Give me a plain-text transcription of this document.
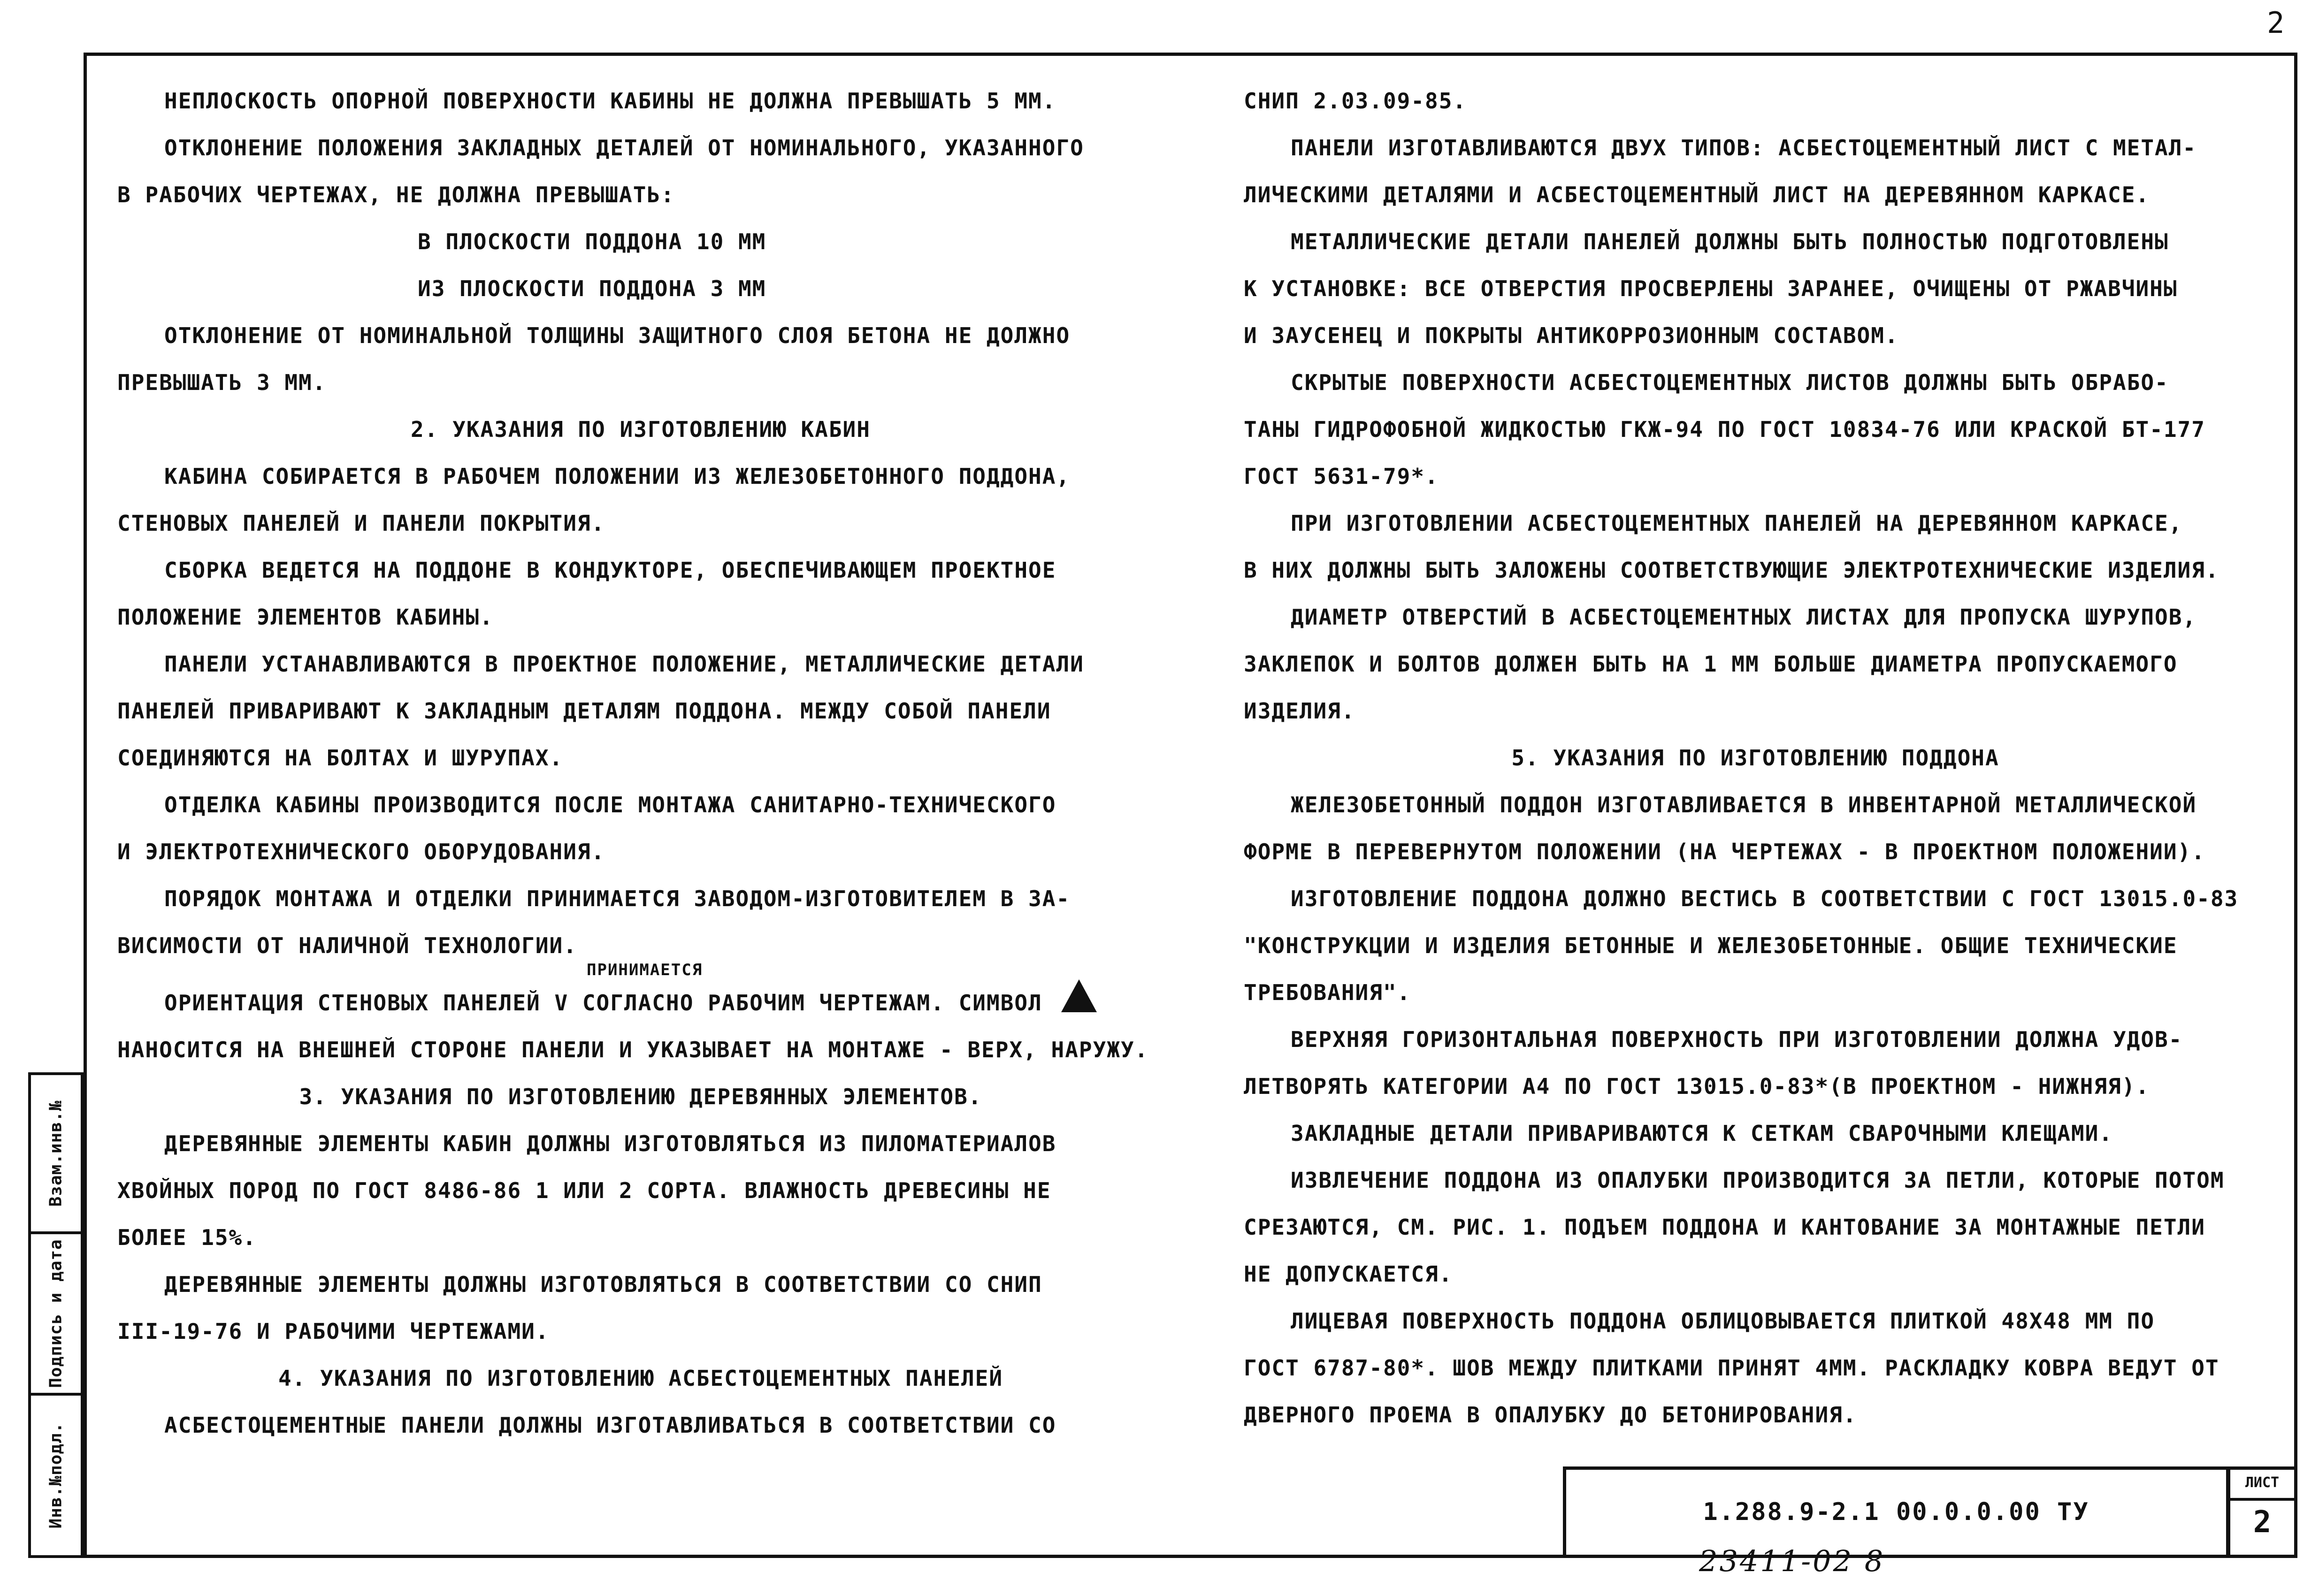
2
НЕПЛОСКОСТЬ ОПОРНОЙ ПОВЕРХНОСТИ КАБИНЫ НЕ ДОЛЖНА ПРЕВЫШАТЬ 5 ММ.
ОТКЛОНЕНИЕ ПОЛОЖЕНИЯ ЗАКЛАДНЫХ ДЕТАЛЕЙ ОТ НОМИНАЛЬНОГО, УКАЗАННОГО
В РАБОЧИХ ЧЕРТЕЖАХ, НЕ ДОЛЖНА ПРЕВЫШАТЬ:
В ПЛОСКОСТИ ПОДДОНА 10 ММ
ИЗ ПЛОСКОСТИ ПОДДОНА 3 ММ
ОТКЛОНЕНИЕ ОТ НОМИНАЛЬНОЙ ТОЛЩИНЫ ЗАЩИТНОГО СЛОЯ БЕТОНА НЕ ДОЛЖНО
ПРЕВЫШАТЬ 3 ММ.
2. УКАЗАНИЯ ПО ИЗГОТОВЛЕНИЮ КАБИН
КАБИНА СОБИРАЕТСЯ В РАБОЧЕМ ПОЛОЖЕНИИ ИЗ ЖЕЛЕЗОБЕТОННОГО ПОДДОНА,
СТЕНОВЫХ ПАНЕЛЕЙ И ПАНЕЛИ ПОКРЫТИЯ.
СБОРКА ВЕДЕТСЯ НА ПОДДОНЕ В КОНДУКТОРЕ, ОБЕСПЕЧИВАЮЩЕМ ПРОЕКТНОЕ
ПОЛОЖЕНИЕ ЭЛЕМЕНТОВ КАБИНЫ.
ПАНЕЛИ УСТАНАВЛИВАЮТСЯ В ПРОЕКТНОЕ ПОЛОЖЕНИЕ, МЕТАЛЛИЧЕСКИЕ ДЕТАЛИ
ПАНЕЛЕЙ ПРИВАРИВАЮТ К ЗАКЛАДНЫМ ДЕТАЛЯМ ПОДДОНА. МЕЖДУ СОБОЙ ПАНЕЛИ
СОЕДИНЯЮТСЯ НА БОЛТАХ И ШУРУПАХ.
ОТДЕЛКА КАБИНЫ ПРОИЗВОДИТСЯ ПОСЛЕ МОНТАЖА САНИТАРНО-ТЕХНИЧЕСКОГО
И ЭЛЕКТРОТЕХНИЧЕСКОГО ОБОРУДОВАНИЯ.
ПОРЯДОК МОНТАЖА И ОТДЕЛКИ ПРИНИМАЕТСЯ ЗАВОДОМ-ИЗГОТОВИТЕЛЕМ В ЗА-
ВИСИМОСТИ ОТ НАЛИЧНОЙ ТЕХНОЛОГИИ.
ПРИНИМАЕТСЯ
ОРИЕНТАЦИЯ СТЕНОВЫХ ПАНЕЛЕЙ V СОГЛАСНО РАБОЧИМ ЧЕРТЕЖАМ. СИМВОЛ
НАНОСИТСЯ НА ВНЕШНЕЙ СТОРОНЕ ПАНЕЛИ И УКАЗЫВАЕТ НА МОНТАЖЕ - ВЕРХ, НАРУЖУ.
3. УКАЗАНИЯ ПО ИЗГОТОВЛЕНИЮ ДЕРЕВЯННЫХ ЭЛЕМЕНТОВ.
ДЕРЕВЯННЫЕ ЭЛЕМЕНТЫ КАБИН ДОЛЖНЫ ИЗГОТОВЛЯТЬСЯ ИЗ ПИЛОМАТЕРИАЛОВ
ХВОЙНЫХ ПОРОД ПО ГОСТ 8486-86 1 ИЛИ 2 СОРТА. ВЛАЖНОСТЬ ДРЕВЕСИНЫ НЕ
БОЛЕЕ 15%.
ДЕРЕВЯННЫЕ ЭЛЕМЕНТЫ ДОЛЖНЫ ИЗГОТОВЛЯТЬСЯ В СООТВЕТСТВИИ СО СНИП
III-19-76 И РАБОЧИМИ ЧЕРТЕЖАМИ.
4. УКАЗАНИЯ ПО ИЗГОТОВЛЕНИЮ АСБЕСТОЦЕМЕНТНЫХ ПАНЕЛЕЙ
АСБЕСТОЦЕМЕНТНЫЕ ПАНЕЛИ ДОЛЖНЫ ИЗГОТАВЛИВАТЬСЯ В СООТВЕТСТВИИ СО
СНИП 2.03.09-85.
ПАНЕЛИ ИЗГОТАВЛИВАЮТСЯ ДВУХ ТИПОВ: АСБЕСТОЦЕМЕНТНЫЙ ЛИСТ С МЕТАЛ-
ЛИЧЕСКИМИ ДЕТАЛЯМИ И АСБЕСТОЦЕМЕНТНЫЙ ЛИСТ НА ДЕРЕВЯННОМ КАРКАСЕ.
МЕТАЛЛИЧЕСКИЕ ДЕТАЛИ ПАНЕЛЕЙ ДОЛЖНЫ БЫТЬ ПОЛНОСТЬЮ ПОДГОТОВЛЕНЫ
К УСТАНОВКЕ: ВСЕ ОТВЕРСТИЯ ПРОСВЕРЛЕНЫ ЗАРАНЕЕ, ОЧИЩЕНЫ ОТ РЖАВЧИНЫ
И ЗАУСЕНЕЦ И ПОКРЫТЫ АНТИКОРРОЗИОННЫМ СОСТАВОМ.
СКРЫТЫЕ ПОВЕРХНОСТИ АСБЕСТОЦЕМЕНТНЫХ ЛИСТОВ ДОЛЖНЫ БЫТЬ ОБРАБО-
ТАНЫ ГИДРОФОБНОЙ ЖИДКОСТЬЮ ГКЖ-94 ПО ГОСТ 10834-76 ИЛИ КРАСКОЙ БТ-177
ГОСТ 5631-79*.
ПРИ ИЗГОТОВЛЕНИИ АСБЕСТОЦЕМЕНТНЫХ ПАНЕЛЕЙ НА ДЕРЕВЯННОМ КАРКАСЕ,
В НИХ ДОЛЖНЫ БЫТЬ ЗАЛОЖЕНЫ СООТВЕТСТВУЮЩИЕ ЭЛЕКТРОТЕХНИЧЕСКИЕ ИЗДЕЛИЯ.
ДИАМЕТР ОТВЕРСТИЙ В АСБЕСТОЦЕМЕНТНЫХ ЛИСТАХ ДЛЯ ПРОПУСКА ШУРУПОВ,
ЗАКЛЕПОК И БОЛТОВ ДОЛЖЕН БЫТЬ НА 1 ММ БОЛЬШЕ ДИАМЕТРА ПРОПУСКАЕМОГО
ИЗДЕЛИЯ.
5. УКАЗАНИЯ ПО ИЗГОТОВЛЕНИЮ ПОДДОНА
ЖЕЛЕЗОБЕТОННЫЙ ПОДДОН ИЗГОТАВЛИВАЕТСЯ В ИНВЕНТАРНОЙ МЕТАЛЛИЧЕСКОЙ
ФОРМЕ В ПЕРЕВЕРНУТОМ ПОЛОЖЕНИИ (НА ЧЕРТЕЖАХ - В ПРОЕКТНОМ ПОЛОЖЕНИИ).
ИЗГОТОВЛЕНИЕ ПОДДОНА ДОЛЖНО ВЕСТИСЬ В СООТВЕТСТВИИ С ГОСТ 13015.0-83
"КОНСТРУКЦИИ И ИЗДЕЛИЯ БЕТОННЫЕ И ЖЕЛЕЗОБЕТОННЫЕ. ОБЩИЕ ТЕХНИЧЕСКИЕ
ТРЕБОВАНИЯ".
ВЕРХНЯЯ ГОРИЗОНТАЛЬНАЯ ПОВЕРХНОСТЬ ПРИ ИЗГОТОВЛЕНИИ ДОЛЖНА УДОВ-
ЛЕТВОРЯТЬ КАТЕГОРИИ А4 ПО ГОСТ 13015.0-83*(В ПРОЕКТНОМ - НИЖНЯЯ).
ЗАКЛАДНЫЕ ДЕТАЛИ ПРИВАРИВАЮТСЯ К СЕТКАМ СВАРОЧНЫМИ КЛЕЩАМИ.
ИЗВЛЕЧЕНИЕ ПОДДОНА ИЗ ОПАЛУБКИ ПРОИЗВОДИТСЯ ЗА ПЕТЛИ, КОТОРЫЕ ПОТОМ
СРЕЗАЮТСЯ, СМ. РИС. 1. ПОДЪЕМ ПОДДОНА И КАНТОВАНИЕ ЗА МОНТАЖНЫЕ ПЕТЛИ
НЕ ДОПУСКАЕТСЯ.
ЛИЦЕВАЯ ПОВЕРХНОСТЬ ПОДДОНА ОБЛИЦОВЫВАЕТСЯ ПЛИТКОЙ 48Х48 ММ ПО
ГОСТ 6787-80*. ШОВ МЕЖДУ ПЛИТКАМИ ПРИНЯТ 4ММ. РАСКЛАДКУ КОВРА ВЕДУТ ОТ
ДВЕРНОГО ПРОЕМА В ОПАЛУБКУ ДО БЕТОНИРОВАНИЯ.
Взам.инв.№
Подпись и дата
Инв.№подл.	1.288.9-2.1 00.0.0.00 ТУ
ЛИСТ
2
23411-02 8
